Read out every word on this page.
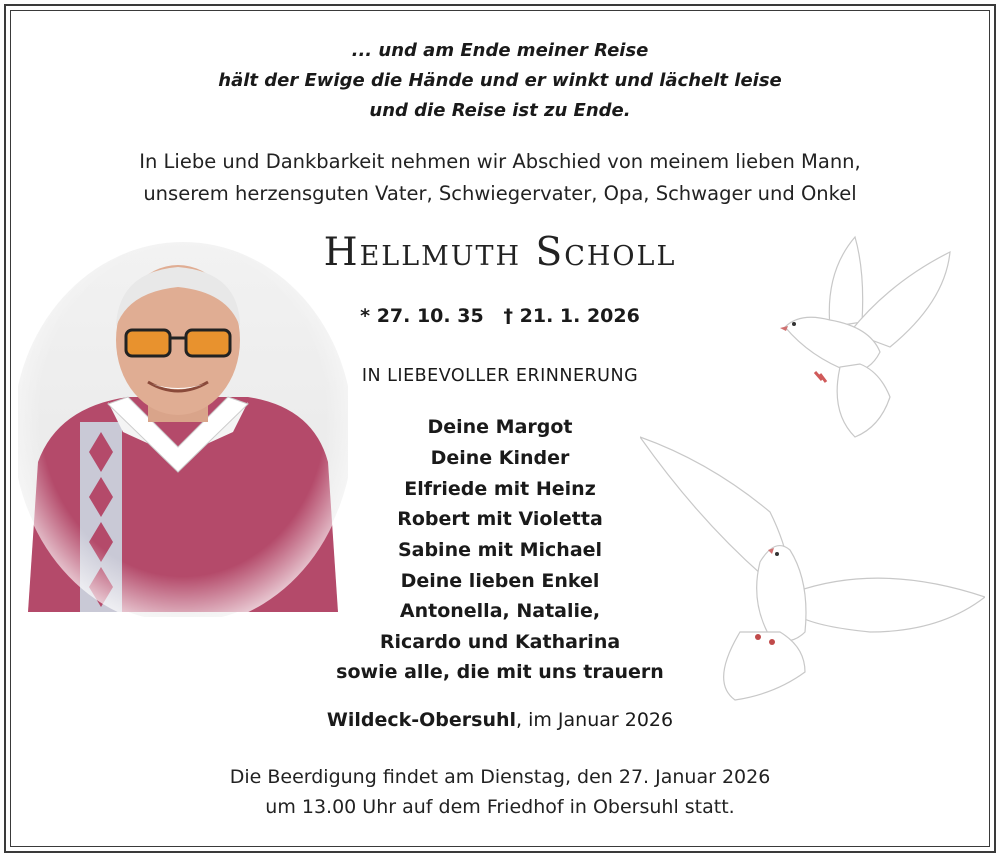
... und am Ende meiner Reise
hält der Ewige die Hände und er winkt und lächelt leise
und die Reise ist zu Ende.
In Liebe und Dankbarkeit nehmen wir Abschied von meinem lieben Mann,
unserem herzensguten Vater, Schwiegervater, Opa, Schwager und Onkel
Hellmuth Scholl
* 27. 10. 35   † 21. 1. 2026
IN LIEBEVOLLER ERINNERUNG
Deine Margot
Deine Kinder
Elfriede mit Heinz
Robert mit Violetta
Sabine mit Michael
Deine lieben Enkel
Antonella, Natalie,
Ricardo und Katharina
sowie alle, die mit uns trauern
Wildeck-Obersuhl, im Januar 2026
Die Beerdigung findet am Dienstag, den 27. Januar 2026
um 13.00 Uhr auf dem Friedhof in Obersuhl statt.
